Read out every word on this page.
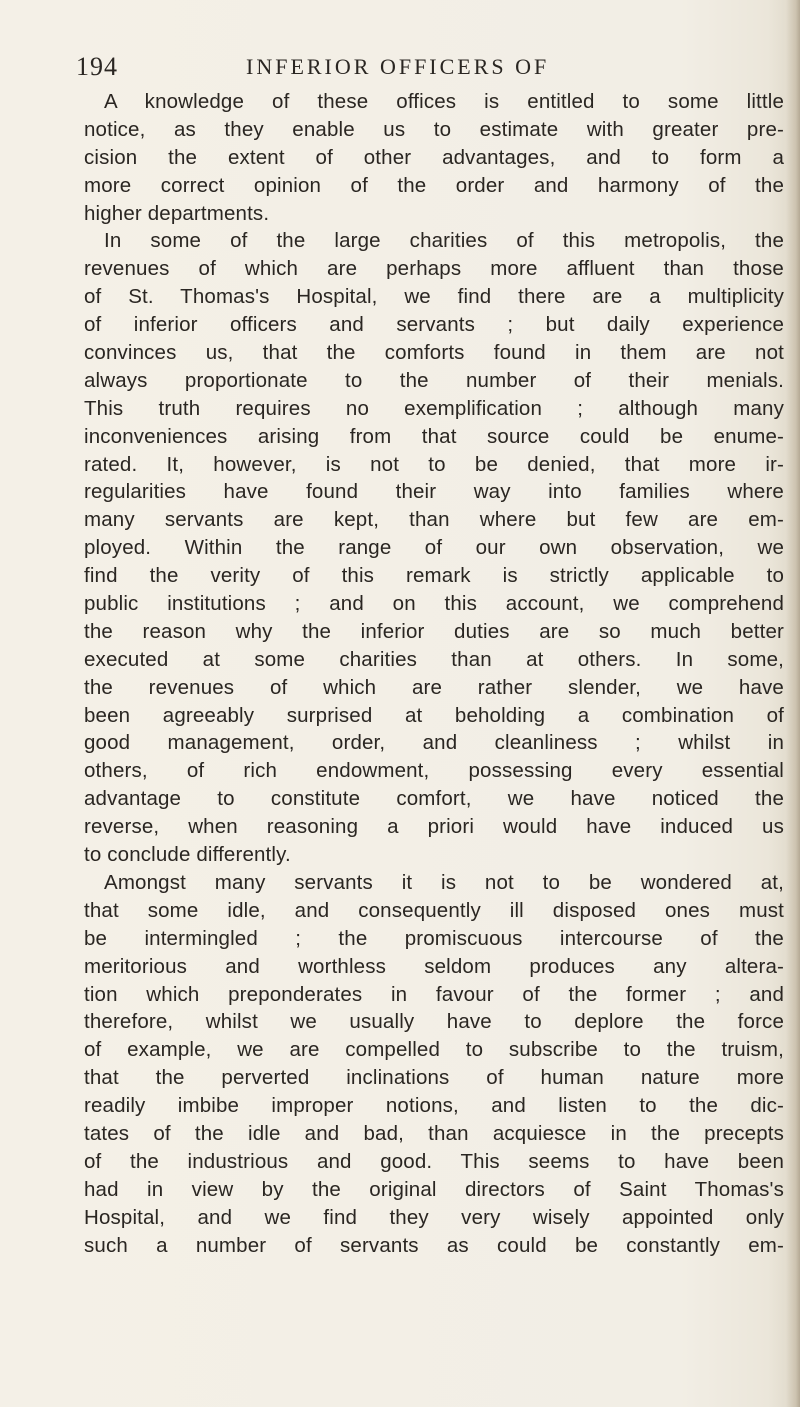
194	INFERIOR OFFICERS OF
A knowledge of these offices is entitled to some little
notice, as they enable us to estimate with greater pre-
cision the extent of other advantages, and to form a
more correct opinion of the order and harmony of the
higher departments.
In some of the large charities of this metropolis, the
revenues of which are perhaps more affluent than those
of St. Thomas's Hospital, we find there are a multiplicity
of inferior officers and servants ; but daily experience
convinces us, that the comforts found in them are not
always proportionate to the number of their menials.
This truth requires no exemplification ; although many
inconveniences arising from that source could be enume-
rated. It, however, is not to be denied, that more ir-
regularities have found their way into families where
many servants are kept, than where but few are em-
ployed. Within the range of our own observation, we
find the verity of this remark is strictly applicable to
public institutions ; and on this account, we comprehend
the reason why the inferior duties are so much better
executed at some charities than at others. In some,
the revenues of which are rather slender, we have
been agreeably surprised at beholding a combination of
good management, order, and cleanliness ; whilst in
others, of rich endowment, possessing every essential
advantage to constitute comfort, we have noticed the
reverse, when reasoning a priori would have induced us
to conclude differently.
Amongst many servants it is not to be wondered at,
that some idle, and consequently ill disposed ones must
be intermingled ; the promiscuous intercourse of the
meritorious and worthless seldom produces any altera-
tion which preponderates in favour of the former ; and
therefore, whilst we usually have to deplore the force
of example, we are compelled to subscribe to the truism,
that the perverted inclinations of human nature more
readily imbibe improper notions, and listen to the dic-
tates of the idle and bad, than acquiesce in the precepts
of the industrious and good. This seems to have been
had in view by the original directors of Saint Thomas's
Hospital, and we find they very wisely appointed only
such a number of servants as could be constantly em-
